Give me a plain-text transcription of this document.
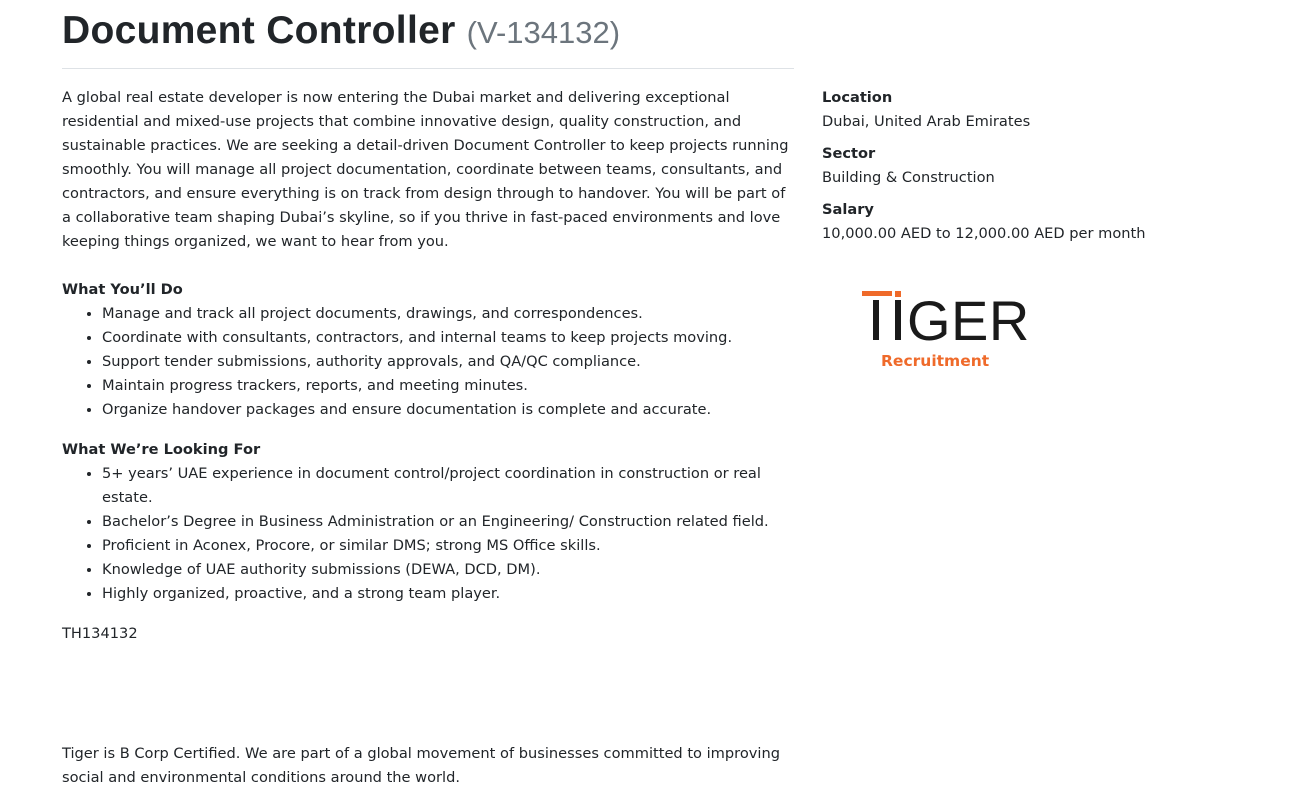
Document Controller (V-134132)

A global real estate developer is now entering the Dubai market and delivering exceptional residential and mixed-use projects that combine innovative design, quality construction, and sustainable practices. We are seeking a detail-driven Document Controller to keep projects running smoothly. You will manage all project documentation, coordinate between teams, consultants, and contractors, and ensure everything is on track from design through to handover. You will be part of a collaborative team shaping Dubai’s skyline, so if you thrive in fast-paced environments and love keeping things organized, we want to hear from you.

What You’ll Do

• Manage and track all project documents, drawings, and correspondences.
• Coordinate with consultants, contractors, and internal teams to keep projects moving.
• Support tender submissions, authority approvals, and QA/QC compliance.
• Maintain progress trackers, reports, and meeting minutes.
• Organize handover packages and ensure documentation is complete and accurate.

What We’re Looking For

• 5+ years’ UAE experience in document control/project coordination in construction or real estate.
• Bachelor’s Degree in Business Administration or an Engineering/ Construction related field.
• Proficient in Aconex, Procore, or similar DMS; strong MS Office skills.
• Knowledge of UAE authority submissions (DEWA, DCD, DM).
• Highly organized, proactive, and a strong team player.

TH134132

Tiger is B Corp Certified. We are part of a global movement of businesses committed to improving social and environmental conditions around the world.

Location

Dubai, United Arab Emirates

Sector

Building & Construction

Salary

10,000.00 AED to 12,000.00 AED per month

GER
Recruitment
